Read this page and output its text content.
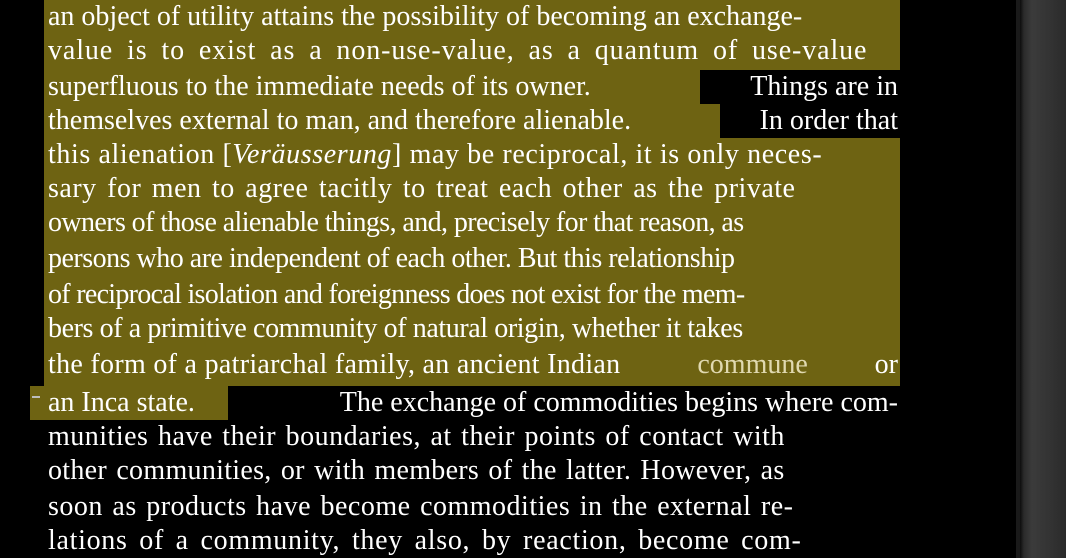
an object of utility attains the possibility of becoming an exchange-
value is to exist as a non-use-value, as a quantum of use-value
superfluous to the immediate needs of its owner.	Things are in
themselves external to man, and therefore alienable.	In order that
this alienation [Veräusserung] may be reciprocal, it is only neces-
sary for men to agree tacitly to treat each other as the private
owners of those alienable things, and, precisely for that reason, as
persons who are independent of each other. But this relationship
of reciprocal isolation and foreignness does not exist for the mem-
bers of a primitive community of natural origin, whether it takes
the form of a patriarchal family, an ancient Indian	commune or
an Inca state.	The exchange of commodities begins where com-
munities have their boundaries, at their points of contact with
other communities, or with members of the latter. However, as
soon as products have become commodities in the external re-
lations of a community, they also, by reaction, become com-
